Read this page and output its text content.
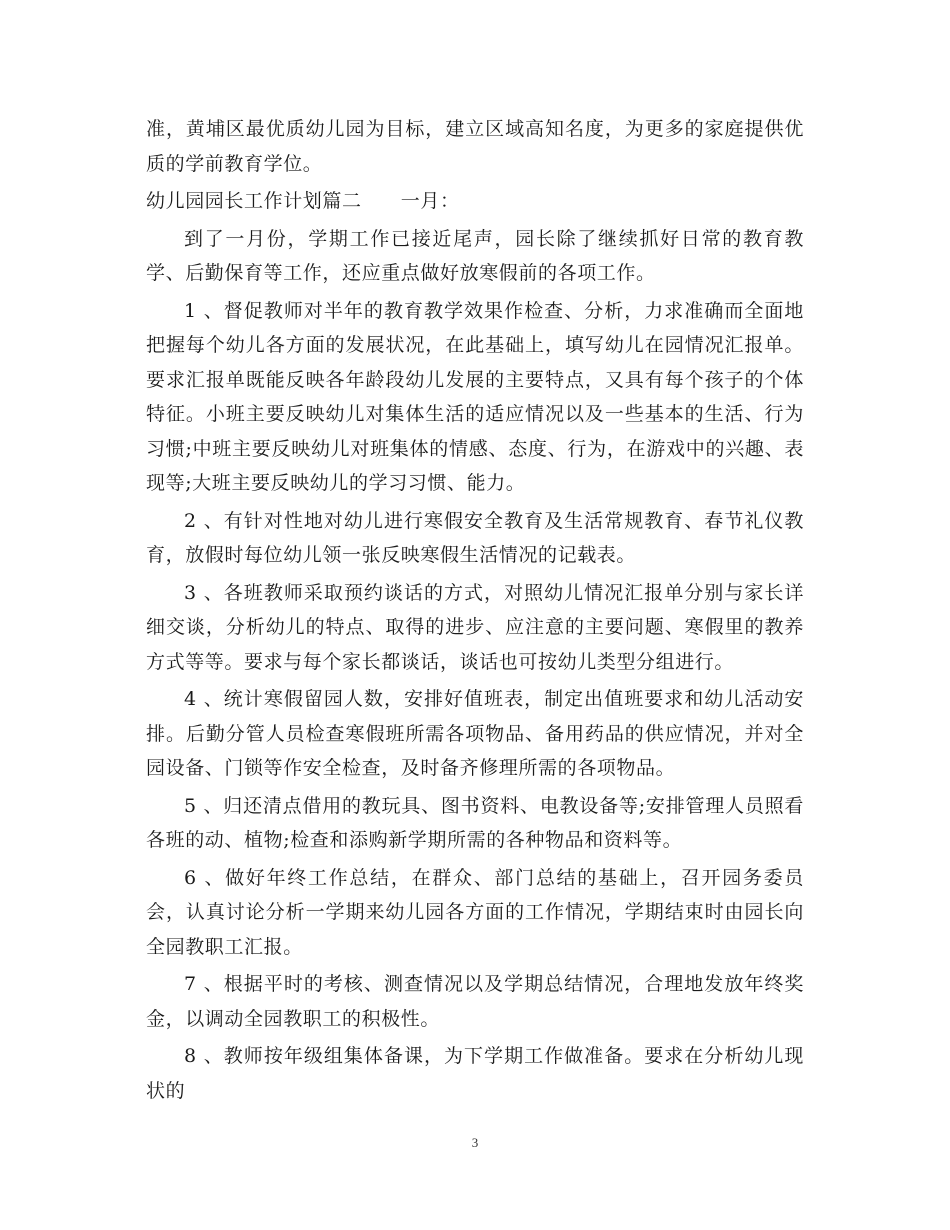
准，黄埔区最优质幼儿园为目标，建立区域高知名度，为更多的家庭提供优质的学前教育学位。

幼儿园园长工作计划篇二　　一月：

到了一月份，学期工作已接近尾声，园长除了继续抓好日常的教育教学、后勤保育等工作，还应重点做好放寒假前的各项工作。

1 、督促教师对半年的教育教学效果作检查、分析，力求准确而全面地把握每个幼儿各方面的发展状况，在此基础上，填写幼儿在园情况汇报单。要求汇报单既能反映各年龄段幼儿发展的主要特点，又具有每个孩子的个体特征。小班主要反映幼儿对集体生活的适应情况以及一些基本的生活、行为习惯;中班主要反映幼儿对班集体的情感、态度、行为，在游戏中的兴趣、表现等;大班主要反映幼儿的学习习惯、能力。

2 、有针对性地对幼儿进行寒假安全教育及生活常规教育、春节礼仪教育，放假时每位幼儿领一张反映寒假生活情况的记载表。

3 、各班教师采取预约谈话的方式，对照幼儿情况汇报单分别与家长详细交谈，分析幼儿的特点、取得的进步、应注意的主要问题、寒假里的教养方式等等。要求与每个家长都谈话，谈话也可按幼儿类型分组进行。

4 、统计寒假留园人数，安排好值班表，制定出值班要求和幼儿活动安排。后勤分管人员检查寒假班所需各项物品、备用药品的供应情况，并对全园设备、门锁等作安全检查，及时备齐修理所需的各项物品。

5 、归还清点借用的教玩具、图书资料、电教设备等;安排管理人员照看各班的动、植物;检查和添购新学期所需的各种物品和资料等。

6 、做好年终工作总结，在群众、部门总结的基础上，召开园务委员会，认真讨论分析一学期来幼儿园各方面的工作情况，学期结束时由园长向全园教职工汇报。

7 、根据平时的考核、测查情况以及学期总结情况，合理地发放年终奖金，以调动全园教职工的积极性。

8 、教师按年级组集体备课，为下学期工作做准备。要求在分析幼儿现状的

3
